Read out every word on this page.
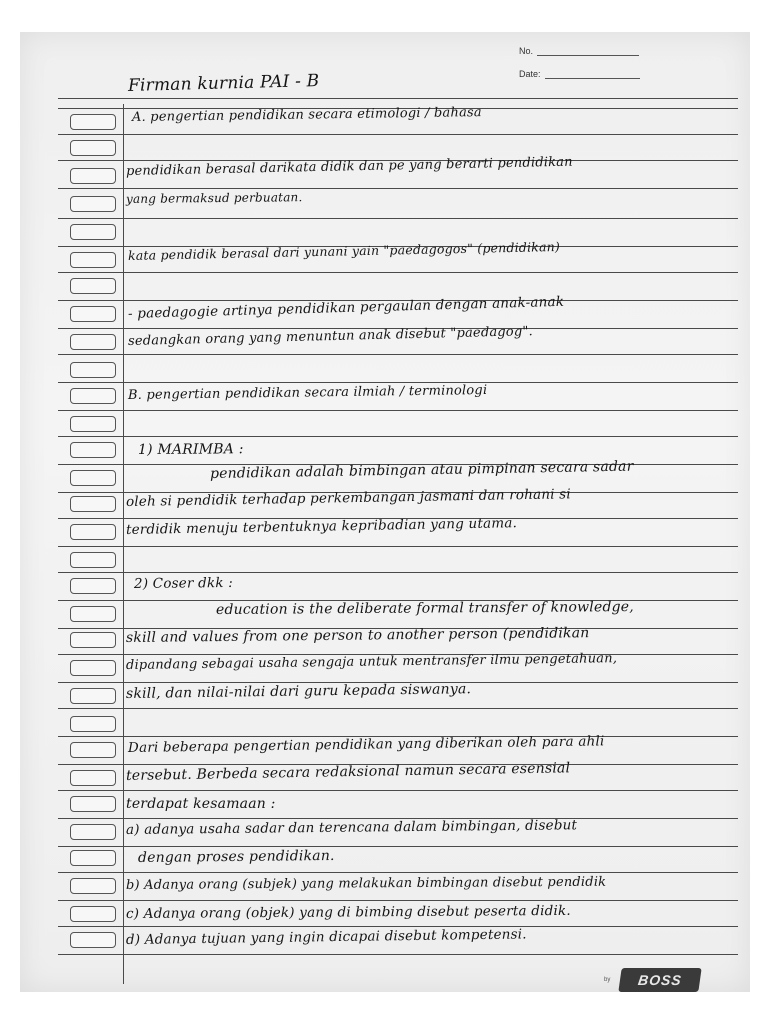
No.
Date:
Firman kurnia PAI - B
A. pengertian pendidikan secara etimologi / bahasa
pendidikan berasal darikata didik dan pe yang berarti pendidikan
yang bermaksud perbuatan.
kata pendidik berasal dari yunani yain "paedagogos" (pendidikan)
- paedagogie artinya pendidikan pergaulan dengan anak-anak
sedangkan orang yang menuntun anak disebut "paedagog".
B. pengertian pendidikan secara ilmiah / terminologi
1) MARIMBA :
pendidikan adalah bimbingan atau pimpinan secara sadar
oleh si pendidik terhadap perkembangan jasmani dan rohani si
terdidik menuju terbentuknya kepribadian yang utama.
2) Coser dkk :
education is the deliberate formal transfer of knowledge,
skill and values from one person to another person (pendidikan
dipandang sebagai usaha sengaja untuk mentransfer ilmu pengetahuan,
skill, dan nilai-nilai dari guru kepada siswanya.
Dari beberapa pengertian pendidikan yang diberikan oleh para ahli
tersebut. Berbeda secara redaksional namun secara esensial
terdapat kesamaan :
a) adanya usaha sadar dan terencana dalam bimbingan, disebut
dengan proses pendidikan.
b) Adanya orang (subjek) yang melakukan bimbingan disebut pendidik
c) Adanya orang (objek) yang di bimbing disebut peserta didik.
d) Adanya tujuan yang ingin dicapai disebut kompetensi.
by BOSS
